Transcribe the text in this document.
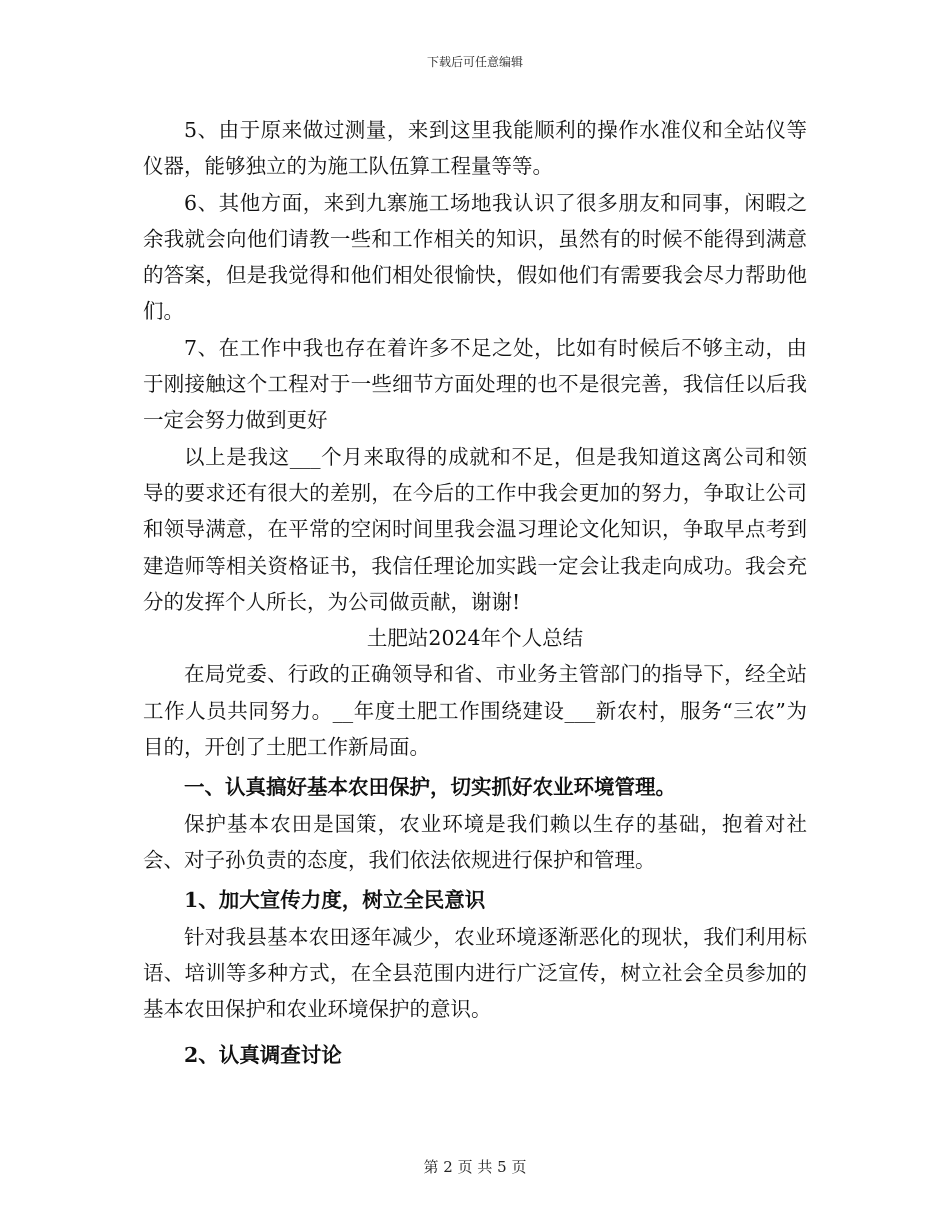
下载后可任意编辑

5、由于原来做过测量，来到这里我能顺利的操作水准仪和全站仪等仪器，能够独立的为施工队伍算工程量等等。

6、其他方面，来到九寨施工场地我认识了很多朋友和同事，闲暇之余我就会向他们请教一些和工作相关的知识，虽然有的时候不能得到满意的答案，但是我觉得和他们相处很愉快，假如他们有需要我会尽力帮助他们。

7、在工作中我也存在着许多不足之处，比如有时候后不够主动，由于刚接触这个工程对于一些细节方面处理的也不是很完善，我信任以后我一定会努力做到更好

以上是我这___个月来取得的成就和不足，但是我知道这离公司和领导的要求还有很大的差别，在今后的工作中我会更加的努力，争取让公司和领导满意，在平常的空闲时间里我会温习理论文化知识，争取早点考到建造师等相关资格证书，我信任理论加实践一定会让我走向成功。我会充分的发挥个人所长，为公司做贡献，谢谢!

土肥站2024年个人总结

在局党委、行政的正确领导和省、市业务主管部门的指导下，经全站工作人员共同努力。__年度土肥工作围绕建设___新农村，服务“三农”为目的，开创了土肥工作新局面。

一、认真搞好基本农田保护，切实抓好农业环境管理。

保护基本农田是国策，农业环境是我们赖以生存的基础，抱着对社会、对子孙负责的态度，我们依法依规进行保护和管理。

1、加大宣传力度，树立全民意识

针对我县基本农田逐年减少，农业环境逐渐恶化的现状，我们利用标语、培训等多种方式，在全县范围内进行广泛宣传，树立社会全员参加的基本农田保护和农业环境保护的意识。

2、认真调查讨论

第 2 页 共 5 页
